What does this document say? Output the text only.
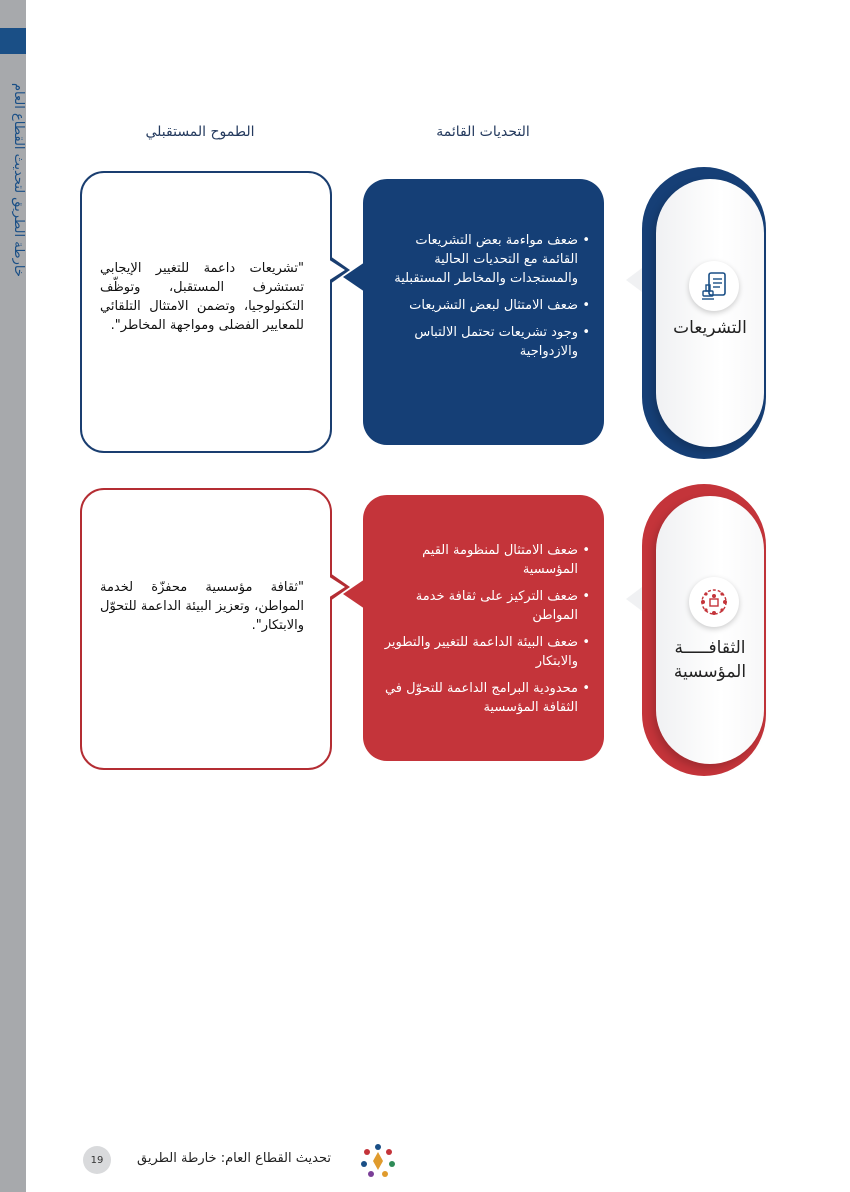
خارطة الطريق لتحديث القطاع العام	التحديات القائمة
الطموح المستقبلي
"تشريعات داعمة للتغيير الإيجابي تستشرف المستقبل، وتوظّف التكنولوجيا، وتضمن الامتثال التلقائي للمعايير الفضلى ومواجهة المخاطر".
• ضعف مواءمة بعض التشريعات القائمة مع التحديات الحالية والمستجدات والمخاطر المستقبلية
• ضعف الامتثال لبعض التشريعات
• وجود تشريعات تحتمل الالتباس والازدواجية
التشريعات
"ثقافة مؤسسية محفزّة لخدمة المواطن، وتعزيز البيئة الداعمة للتحوّل والابتكار".
• ضعف الامتثال لمنظومة القيم المؤسسية
• ضعف التركيز على ثقافة خدمة المواطن
• ضعف البيئة الداعمة للتغيير والتطوير والابتكار
• محدودية البرامج الداعمة للتحوّل في الثقافة المؤسسية
الثقافـــــة
المؤسسية
19	تحديث القطاع العام: خارطة الطريق
